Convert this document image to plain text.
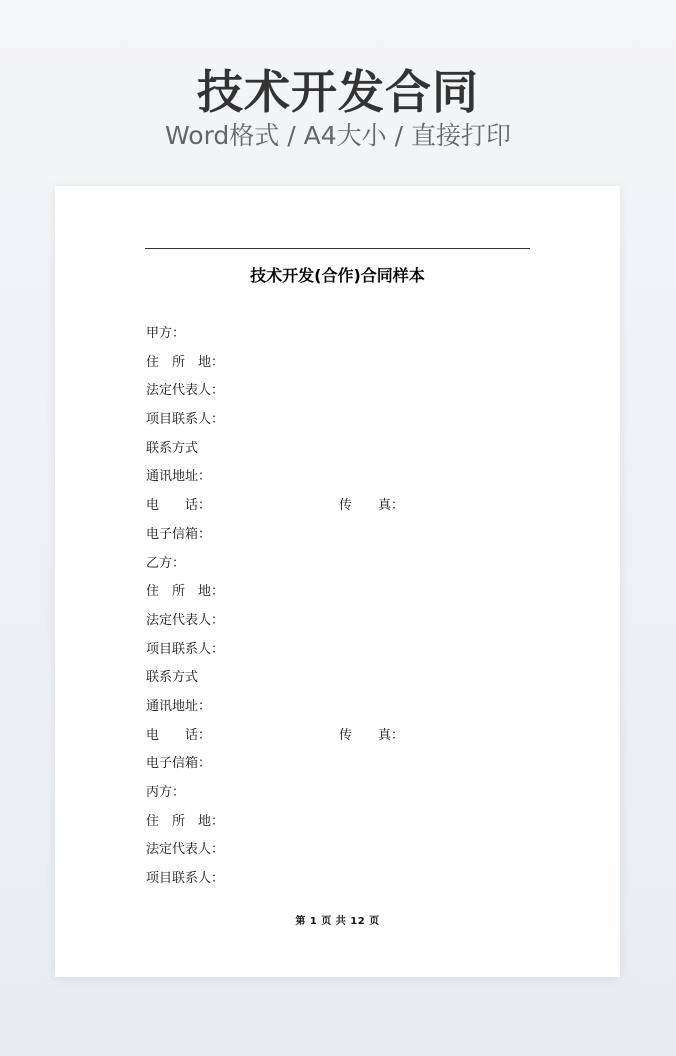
技术开发合同
Word格式 / A4大小 / 直接打印
技术开发(合作)合同样本
甲方：
住　所　地：
法定代表人：
项目联系人：
联系方式
通讯地址：
电　　话：	传　　真：
电子信箱：
乙方：
住　所　地：
法定代表人：
项目联系人：
联系方式
通讯地址：
电　　话：	传　　真：
电子信箱：
丙方：
住　所　地：
法定代表人：
项目联系人：
第 1 页 共 12 页
